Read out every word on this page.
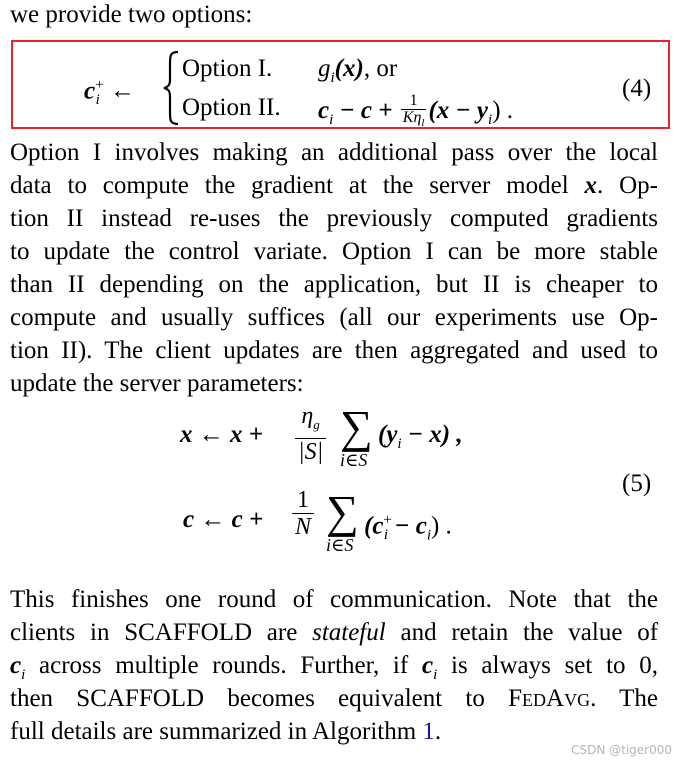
we provide two options:
$c^+_i$ ←
Option I. $g_i(x)$, or
Option II. $c_i - c + \frac{1}{K\eta_l} (x - y_i)$ .
(4)
Option I involves making an additional pass over the local
data to compute the gradient at the server model x. Op-
tion II instead re-uses the previously computed gradients
to update the control variate. Option I can be more stable
than II depending on the application, but II is cheaper to
compute and usually suffices (all our experiments use Op-
tion II). The client updates are then aggregated and used to
update the server parameters:
x ← $x + \frac{\eta_g}{|S|}$ ∑
i∈S
$(y_i - x)$ ,
c ← $c + \frac{1}{N}$ ∑
i∈S
$(c^+_i - c_i)$ .
(5)
This finishes one round of communication. Note that the
clients in SCAFFOLD are stateful and retain the value of
$c_i$ across multiple rounds. Further, if $c_i$ is always set to 0,
then SCAFFOLD becomes equivalent to FedAvg. The
full details are summarized in Algorithm 1.
CSDN @tiger000
